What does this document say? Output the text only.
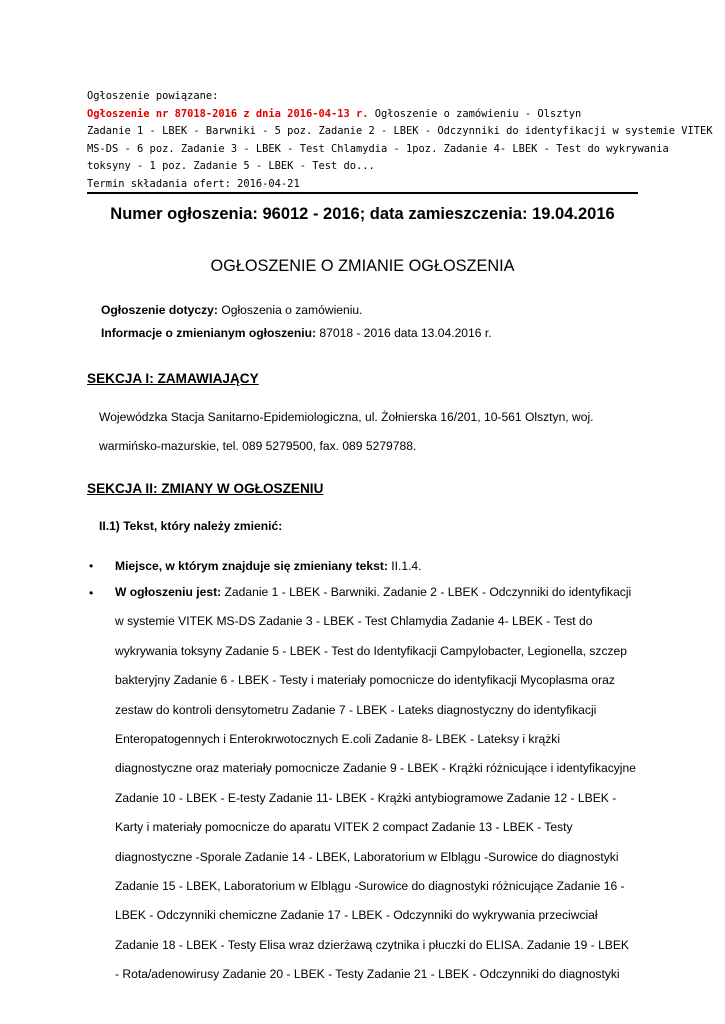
Ogłoszenie powiązane:
Ogłoszenie nr 87018-2016 z dnia 2016-04-13 r. Ogłoszenie o zamówieniu - Olsztyn
Zadanie 1 - LBEK - Barwniki - 5 poz. Zadanie 2 - LBEK - Odczynniki do identyfikacji w systemie VITEK
MS-DS - 6 poz. Zadanie 3 - LBEK - Test Chlamydia - 1poz. Zadanie 4- LBEK - Test do wykrywania
toksyny - 1 poz. Zadanie 5 - LBEK - Test do...
Termin składania ofert: 2016-04-21
Numer ogłoszenia: 96012 - 2016; data zamieszczenia: 19.04.2016
OGŁOSZENIE O ZMIANIE OGŁOSZENIA
Ogłoszenie dotyczy: Ogłoszenia o zamówieniu.
Informacje o zmienianym ogłoszeniu: 87018 - 2016 data 13.04.2016 r.
SEKCJA I: ZAMAWIAJĄCY
Wojewódzka Stacja Sanitarno-Epidemiologiczna, ul. Żołnierska 16/201, 10-561 Olsztyn, woj.
warmińsko-mazurskie, tel. 089 5279500, fax. 089 5279788.
SEKCJA II: ZMIANY W OGŁOSZENIU
II.1) Tekst, który należy zmienić:
• Miejsce, w którym znajduje się zmieniany tekst: II.1.4.
• W ogłoszeniu jest: Zadanie 1 - LBEK - Barwniki. Zadanie 2 - LBEK - Odczynniki do identyfikacji
w systemie VITEK MS-DS Zadanie 3 - LBEK - Test Chlamydia Zadanie 4- LBEK - Test do
wykrywania toksyny Zadanie 5 - LBEK - Test do Identyfikacji Campylobacter, Legionella, szczep
bakteryjny Zadanie 6 - LBEK - Testy i materiały pomocnicze do identyfikacji Mycoplasma oraz
zestaw do kontroli densytometru Zadanie 7 - LBEK - Lateks diagnostyczny do identyfikacji
Enteropatogennych i Enterokrwotocznych E.coli Zadanie 8- LBEK - Lateksy i krążki
diagnostyczne oraz materiały pomocnicze Zadanie 9 - LBEK - Krążki różnicujące i identyfikacyjne
Zadanie 10 - LBEK - E-testy Zadanie 11- LBEK - Krążki antybiogramowe Zadanie 12 - LBEK -
Karty i materiały pomocnicze do aparatu VITEK 2 compact Zadanie 13 - LBEK - Testy
diagnostyczne -Sporale Zadanie 14 - LBEK, Laboratorium w Elblągu -Surowice do diagnostyki
Zadanie 15 - LBEK, Laboratorium w Elblągu -Surowice do diagnostyki różnicujące Zadanie 16 -
LBEK - Odczynniki chemiczne Zadanie 17 - LBEK - Odczynniki do wykrywania przeciwciał
Zadanie 18 - LBEK - Testy Elisa wraz dzierżawą czytnika i płuczki do ELISA. Zadanie 19 - LBEK
- Rota/adenowirusy Zadanie 20 - LBEK - Testy Zadanie 21 - LBEK - Odczynniki do diagnostyki
